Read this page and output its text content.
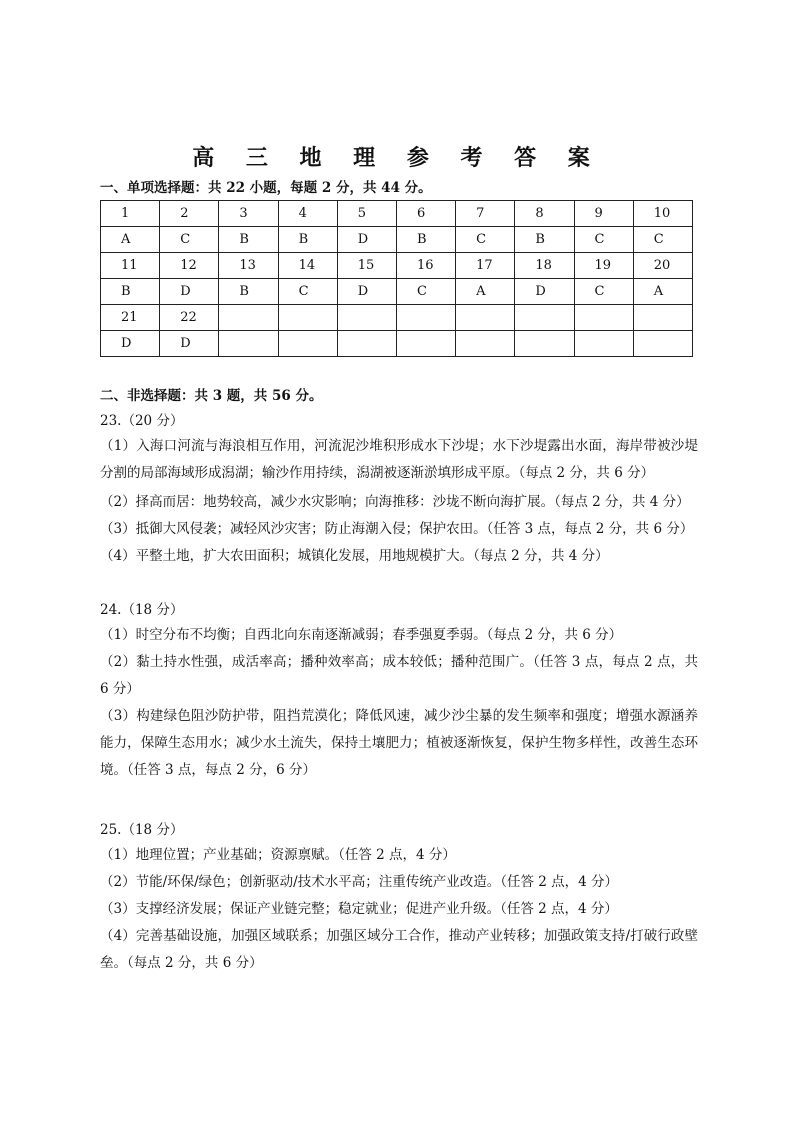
高 三 地 理 参 考 答 案
一、单项选择题：共 22 小题，每题 2 分，共 44 分。
1	2	3	4	5	6	7	8	9	10
A	C	B	B	D	B	C	B	C	C
11	12	13	14	15	16	17	18	19	20
B	D	B	C	D	C	A	D	C	A
21	22								
D	D								
二、非选择题：共 3 题，共 56 分。
23.（20 分）
（1）入海口河流与海浪相互作用，河流泥沙堆积形成水下沙堤；水下沙堤露出水面，海岸带被沙堤分割的局部海域形成潟湖；输沙作用持续，潟湖被逐渐淤填形成平原。（每点 2 分，共 6 分）
（2）择高而居：地势较高，减少水灾影响；向海推移：沙垅不断向海扩展。（每点 2 分，共 4 分）
（3）抵御大风侵袭；减轻风沙灾害；防止海潮入侵；保护农田。（任答 3 点，每点 2 分，共 6 分）
（4）平整土地，扩大农田面积；城镇化发展，用地规模扩大。（每点 2 分，共 4 分）
24.（18 分）
（1）时空分布不均衡；自西北向东南逐渐减弱；春季强夏季弱。（每点 2 分，共 6 分）
（2）黏土持水性强，成活率高；播种效率高；成本较低；播种范围广。（任答 3 点，每点 2 点，共 6 分）
（3）构建绿色阻沙防护带，阻挡荒漠化；降低风速，减少沙尘暴的发生频率和强度；增强水源涵养能力，保障生态用水；减少水土流失，保持土壤肥力；植被逐渐恢复，保护生物多样性，改善生态环境。（任答 3 点，每点 2 分，6 分）
25.（18 分）
（1）地理位置；产业基础；资源禀赋。（任答 2 点，4 分）
（2）节能/环保/绿色；创新驱动/技术水平高；注重传统产业改造。（任答 2 点，4 分）
（3）支撑经济发展；保证产业链完整；稳定就业；促进产业升级。（任答 2 点，4 分）
（4）完善基础设施，加强区域联系；加强区域分工合作，推动产业转移；加强政策支持/打破行政壁垒。（每点 2 分，共 6 分）
